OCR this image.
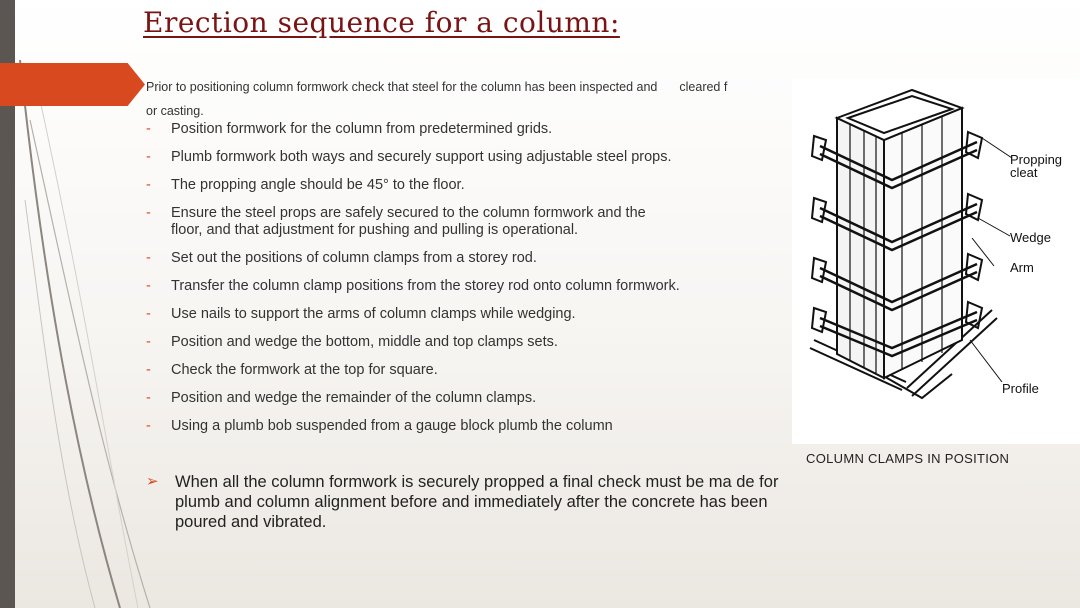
Erection sequence for a column:
Prior to positioning column formwork check that steel for the column has been inspected and cleared f
or casting.
- Position formwork for the column from predetermined grids.
- Plumb formwork both ways and securely support using adjustable steel props.
- The propping angle should be 45° to the floor.
- Ensure the steel props are safely secured to the column formwork and the floor, and that adjustment for pushing and pulling is operational.
- Set out the positions of column clamps from a storey rod.
- Transfer the column clamp positions from the storey rod onto column formwork.
- Use nails to support the arms of column clamps while wedging.
- Position and wedge the bottom, middle and top clamps sets.
- Check the formwork at the top for square.
- Position and wedge the remainder of the column clamps.
- Using a plumb bob suspended from a gauge block plumb the column
➢ When all the column formwork is securely propped a final check must be ma de for plumb and column alignment before and immediately after the concrete has been poured and vibrated.
Propping
cleat
Wedge
Arm
Profile
COLUMN CLAMPS IN POSITION
